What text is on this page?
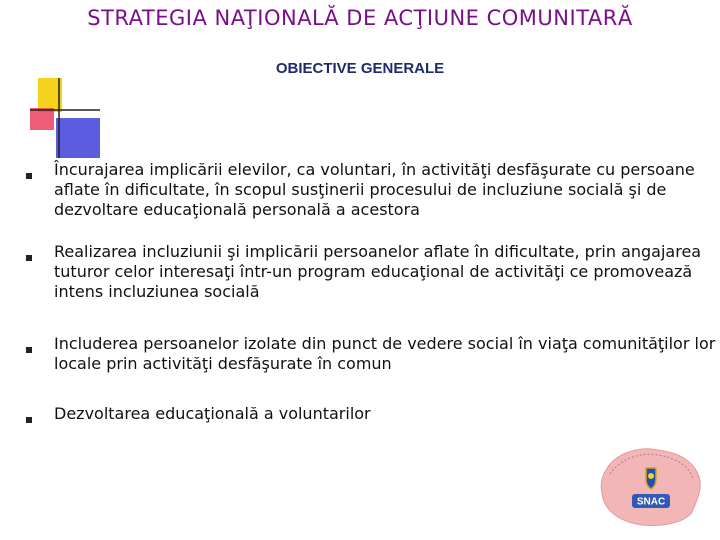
STRATEGIA NAŢIONALĂ DE ACŢIUNE COMUNITARĂ
OBIECTIVE GENERALE
Încurajarea implicării elevilor, ca voluntari, în activităţi desfăşurate cu persoane aflate în dificultate, în scopul susţinerii procesului de incluziune socială şi de dezvoltare educaţională personală a acestora
Realizarea incluziunii şi implicării persoanelor aflate în dificultate, prin angajarea tuturor celor interesaţi într-un program educaţional de activităţi ce promovează intens incluziunea socială
Includerea persoanelor izolate din punct de vedere social în viaţa comunităţilor lor locale prin activităţi desfăşurate în comun
Dezvoltarea educaţională a voluntarilor
SNAC
